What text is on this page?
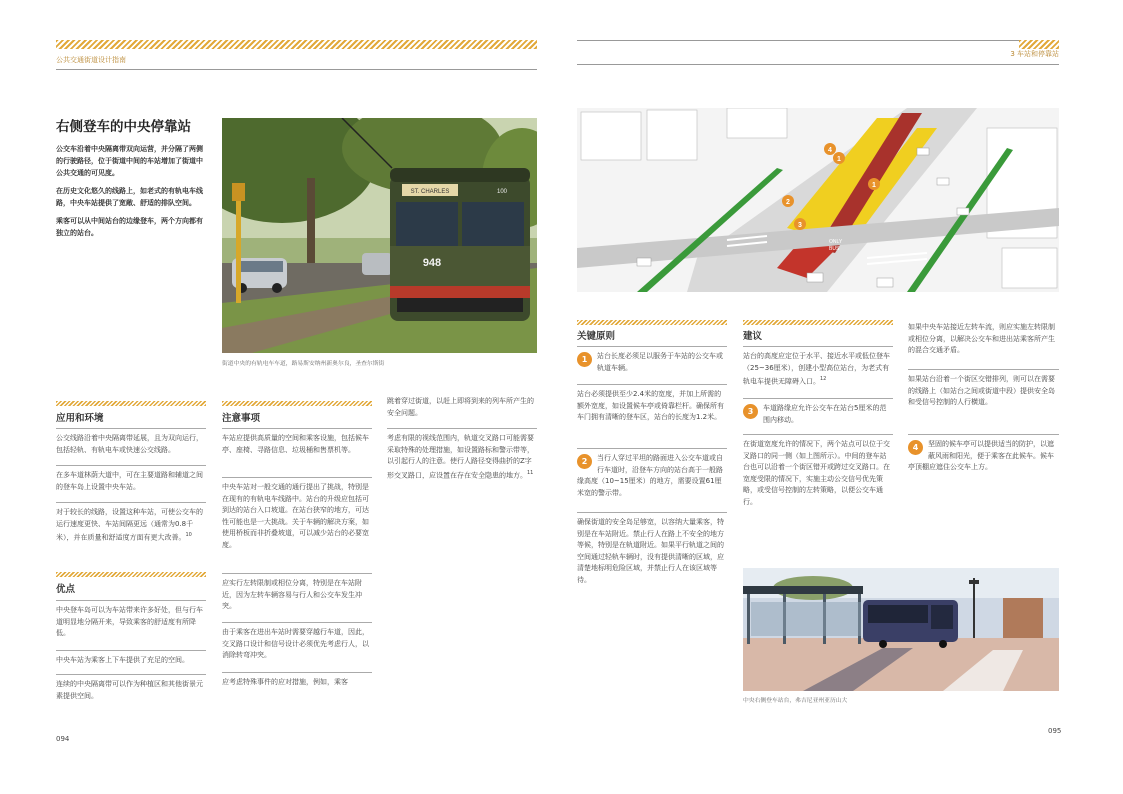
公共交通街道设计指南
右侧登车的中央停靠站

公交车沿着中央隔离带双向运营，并分隔了两侧的行驶路径，位于街道中间的车站增加了街道中公共交通的可见度。

在历史文化悠久的线路上，如老式的有轨电车线路，中央车站提供了宽敞、舒适的排队空间。

乘客可以从中间站台的边缘登车，两个方向都有独立的站台。

ST. CHARLES	100
948
街道中央的有轨电车车道，路易斯安纳州新奥尔良，圣查尔斯街
应用和环境
公交线路沿着中央隔离带延展，且为双向运行，包括轻轨、有轨电车或快速公交线路。
在多车道林荫大道中，可在主要道路和辅道之间的登车岛上设置中央车站。
对于较长的线路，设置这种车站，可使公交车的运行速度更快、车站间隔更远（通常为0.8千米），并在质量和舒适度方面有更大改善。$^{10}$
优点
中央登车岛可以为车站带来许多好处，但与行车道明显地分隔开来，导致乘客的舒适度有所降低。
中央车站为乘客上下车提供了充足的空间。
连续的中央隔离带可以作为种植区和其他街景元素提供空间。
注意事项
车站应提供高质量的空间和乘客设施，包括候车亭、座椅、寻路信息、垃圾桶和售票机等。
中央车站对一般交通的通行提出了挑战，特别是在现有的有轨电车线路中。站台的升级应包括可到达的站台入口坡道。在站台狭窄的地方，可达性可能也是一大挑战。关于车辆的解决方案，如使用桥板而非折叠坡道，可以减少站台的必要宽度。
应实行左转限制或相位分离，特别是在车站附近，因为左转车辆容易与行人和公交车发生冲突。
由于乘客在进出车站时需要穿越行车道，因此，交叉路口设计和信号设计必须优先考虑行人，以消除转弯冲突。
应考虑特殊事件的应对措施，例如，乘客
跳着穿过街道，以赶上即将到来的列车所产生的安全问题。
考虑有限的视线范围内，轨道交叉路口可能需要采取特殊的处理措施，如设置路标和警示带等，以引起行人的注意。使行人路径变得曲折的Z字形交叉路口，应设置在存在安全隐患的地方。$^{11}$
094
3 车站和停靠站
ONLY
BUS
1
1
2
3
4
关键原则
1	站台长度必须足以服务于车站的公交车或轨道车辆。
站台必须提供至少2.4米的宽度，并加上所需的额外宽度，如设置候车亭或倚靠栏杆。确保所有车门拥有清晰的登车区，站台的长度为1.2米。
2	当行人穿过平坦的路面进入公交车道或自行车道时，沿登车方向的站台高于一般路缘高度（10~15厘米）的地方，需要设置61厘米宽的警示带。
确保街道的安全岛足够宽，以容纳大量乘客，特别是在车站附近。禁止行人在路上不安全的地方等候，特别是在轨道附近。如果平行轨道之间的空间通过轻轨车辆时，没有提供清晰的区域，应清楚地标明危险区域，并禁止行人在该区域等待。
建议
站台的高度应定位于水平、接近水平或低位登车（25~36厘米），创建小型高位站台，为老式有轨电车提供无障碍入口。$^{12}$
3	车道路缘应允许公交车在站台5厘米的范围内移动。
在街道宽度允许的情况下，两个站点可以位于交叉路口的同一侧（如上图所示）。中间的登车站台也可以沿着一个街区错开或跨过交叉路口。在宽度受限的情况下，实施主动公交信号优先策略，或受信号控制的左转策略，以便公交车通行。
如果中央车站接近左转车流，则应实施左转限制或相位分离，以解决公交车和进出站乘客所产生的混合交通矛盾。
如果站台沿着一个街区交错排列，则可以在需要的线路上（如站台之间或街道中段）提供安全岛和受信号控制的人行横道。
4	坚固的候车亭可以提供适当的防护，以遮蔽风雨和阳光，便于乘客在此候车。候车亭顶棚应遮住公交车上方。
中央右侧登车站台，弗吉尼亚州亚历山大
095
